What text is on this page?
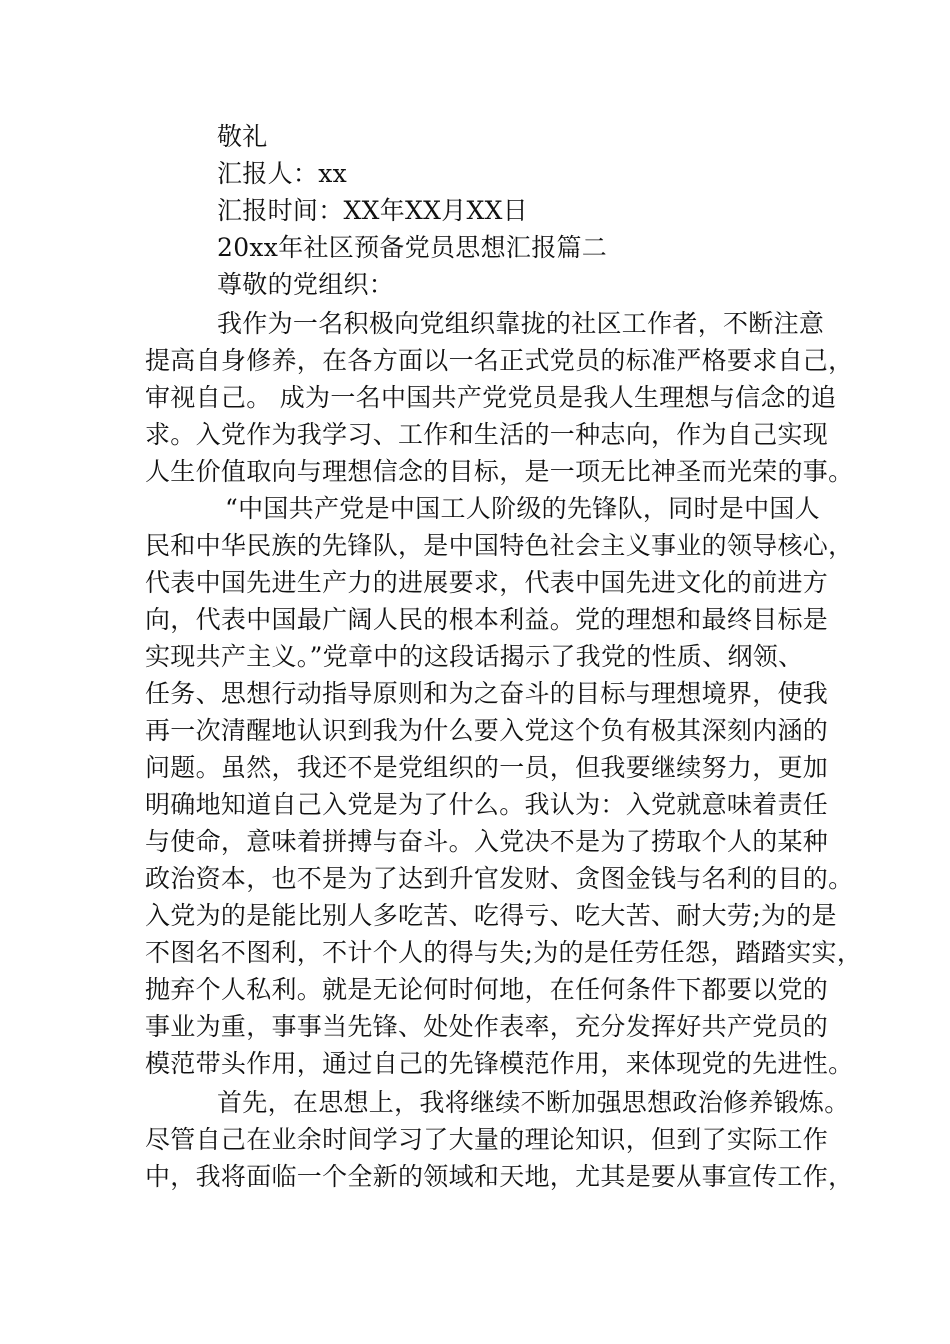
敬礼
汇报人：xx
汇报时间：XX年XX月XX日
20xx年社区预备党员思想汇报篇二
尊敬的党组织：
我作为一名积极向党组织靠拢的社区工作者，不断注意
提高自身修养，在各方面以一名正式党员的标准严格要求自己，
审视自己。 成为一名中国共产党党员是我人生理想与信念的追
求。入党作为我学习、工作和生活的一种志向，作为自己实现
人生价值取向与理想信念的目标，是一项无比神圣而光荣的事。
“中国共产党是中国工人阶级的先锋队，同时是中国人
民和中华民族的先锋队，是中国特色社会主义事业的领导核心，
代表中国先进生产力的进展要求，代表中国先进文化的前进方
向，代表中国最广阔人民的根本利益。党的理想和最终目标是
实现共产主义。”党章中的这段话揭示了我党的性质、纲领、
任务、思想行动指导原则和为之奋斗的目标与理想境界，使我
再一次清醒地认识到我为什么要入党这个负有极其深刻内涵的
问题。虽然，我还不是党组织的一员，但我要继续努力，更加
明确地知道自己入党是为了什么。我认为：入党就意味着责任
与使命，意味着拼搏与奋斗。入党决不是为了捞取个人的某种
政治资本，也不是为了达到升官发财、贪图金钱与名利的目的。
入党为的是能比别人多吃苦、吃得亏、吃大苦、耐大劳;为的是
不图名不图利，不计个人的得与失;为的是任劳任怨，踏踏实实，
抛弃个人私利。就是无论何时何地，在任何条件下都要以党的
事业为重，事事当先锋、处处作表率，充分发挥好共产党员的
模范带头作用，通过自己的先锋模范作用，来体现党的先进性。
首先，在思想上，我将继续不断加强思想政治修养锻炼。
尽管自己在业余时间学习了大量的理论知识，但到了实际工作
中，我将面临一个全新的领域和天地，尤其是要从事宣传工作，
